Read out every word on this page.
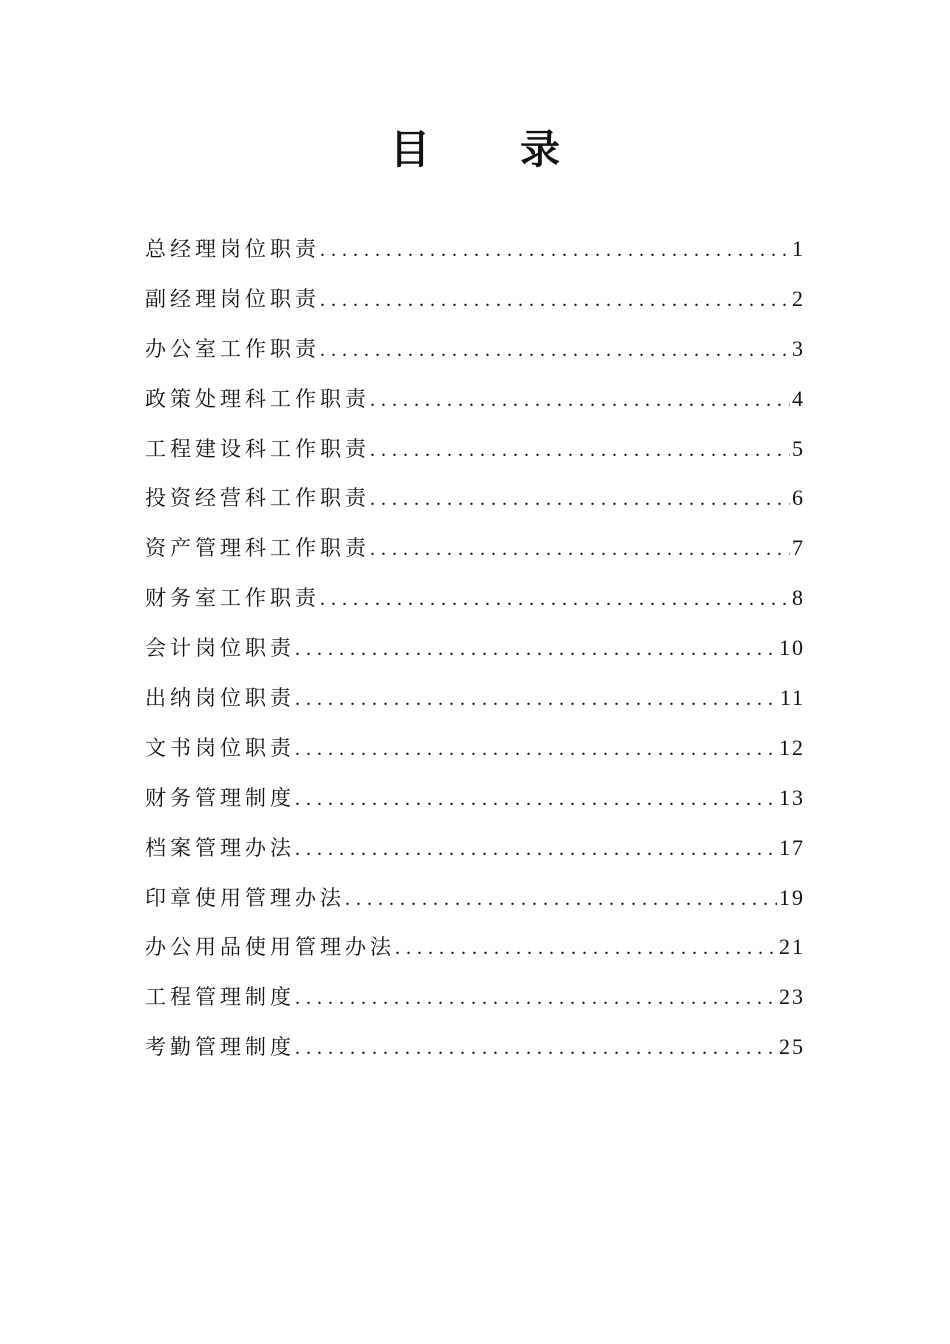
目 录
总经理岗位职责 .....	1
副经理岗位职责 .....	2
办公室工作职责 .....	3
政策处理科工作职责 .....	4
工程建设科工作职责 .....	5
投资经营科工作职责 .....	6
资产管理科工作职责 .....	7
财务室工作职责 .....	8
会计岗位职责 .....	10
出纳岗位职责 .....	11
文书岗位职责 .....	12
财务管理制度 .....	13
档案管理办法 .....	17
印章使用管理办法 .....	19
办公用品使用管理办法 .....	21
工程管理制度 .....	23
考勤管理制度 .....	25
